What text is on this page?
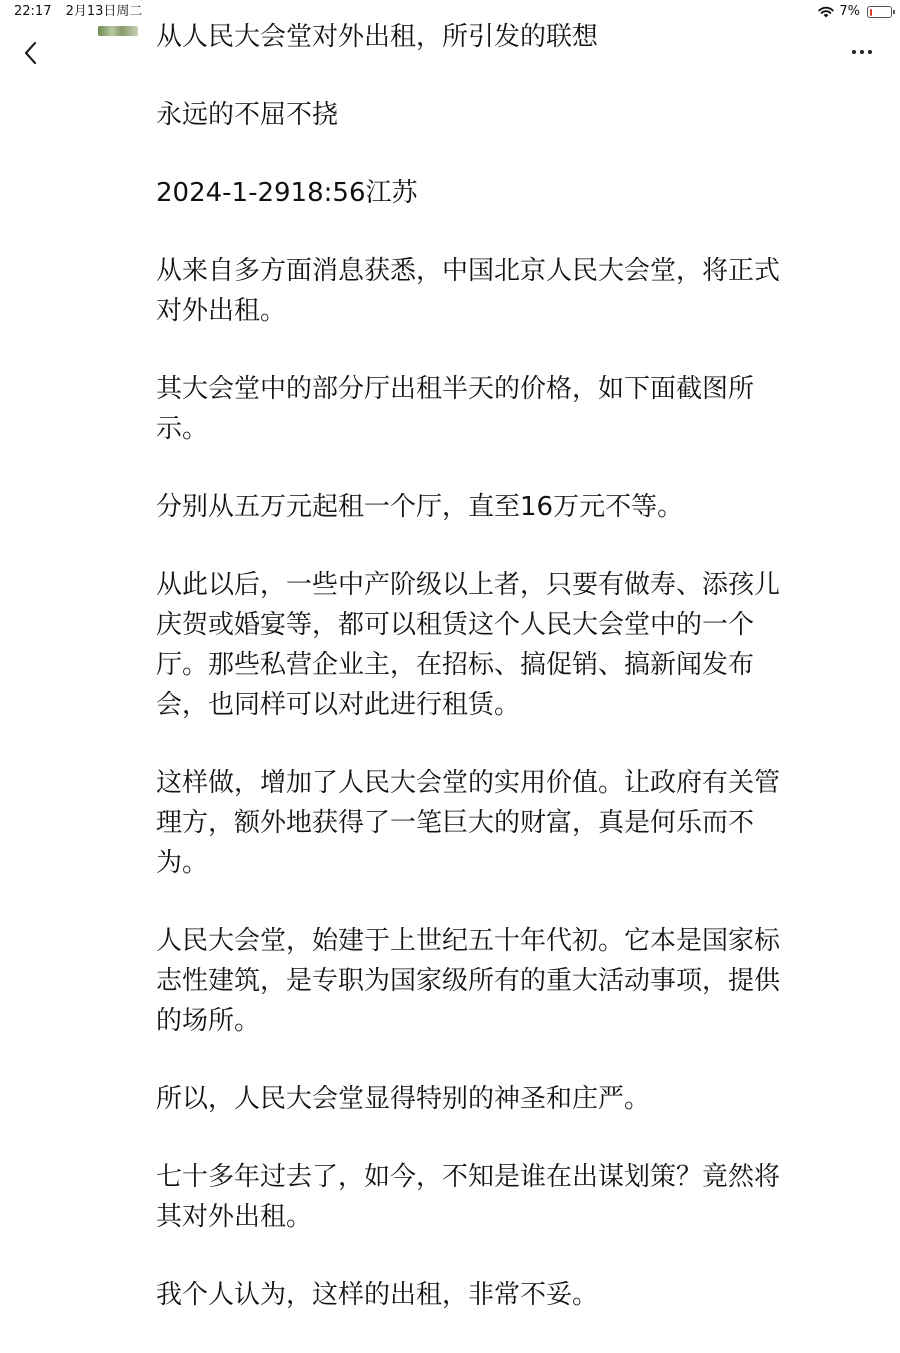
22:17 2月13日周二	7%

从人民大会堂对外出租，所引发的联想

永远的不屈不挠

2024-1-2918:56江苏

从来自多方面消息获悉，中国北京人民大会堂，将正式对外出租。

其大会堂中的部分厅出租半天的价格，如下面截图所示。

分别从五万元起租一个厅，直至16万元不等。

从此以后，一些中产阶级以上者，只要有做寿、添孩儿庆贺或婚宴等，都可以租赁这个人民大会堂中的一个厅。那些私营企业主，在招标、搞促销、搞新闻发布会，也同样可以对此进行租赁。

这样做，增加了人民大会堂的实用价值。让政府有关管理方，额外地获得了一笔巨大的财富，真是何乐而不为。

人民大会堂，始建于上世纪五十年代初。它本是国家标志性建筑，是专职为国家级所有的重大活动事项，提供的场所。

所以，人民大会堂显得特别的神圣和庄严。

七十多年过去了，如今，不知是谁在出谋划策？竟然将其对外出租。

我个人认为，这样的出租，非常不妥。
